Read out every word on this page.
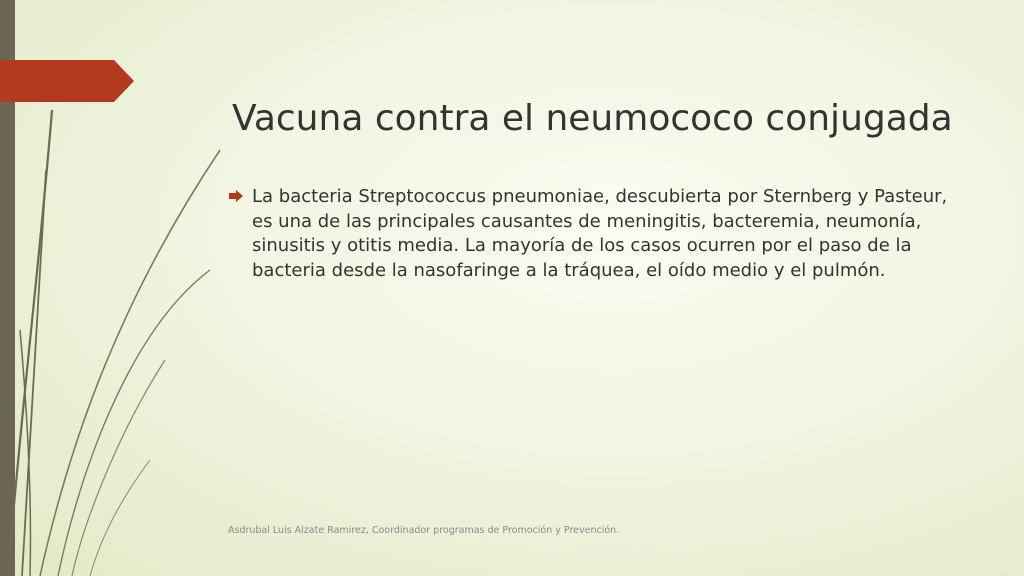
Vacuna contra el neumococo conjugada
La bacteria Streptococcus pneumoniae, descubierta por Sternberg y Pasteur, es una de las principales causantes de meningitis, bacteremia, neumonía, sinusitis y otitis media. La mayoría de los casos ocurren por el paso de la bacteria desde la nasofaringe a la tráquea, el oído medio y el pulmón.
Asdrubal Luis Alzate Ramirez, Coordinador programas de Promoción y Prevención.
